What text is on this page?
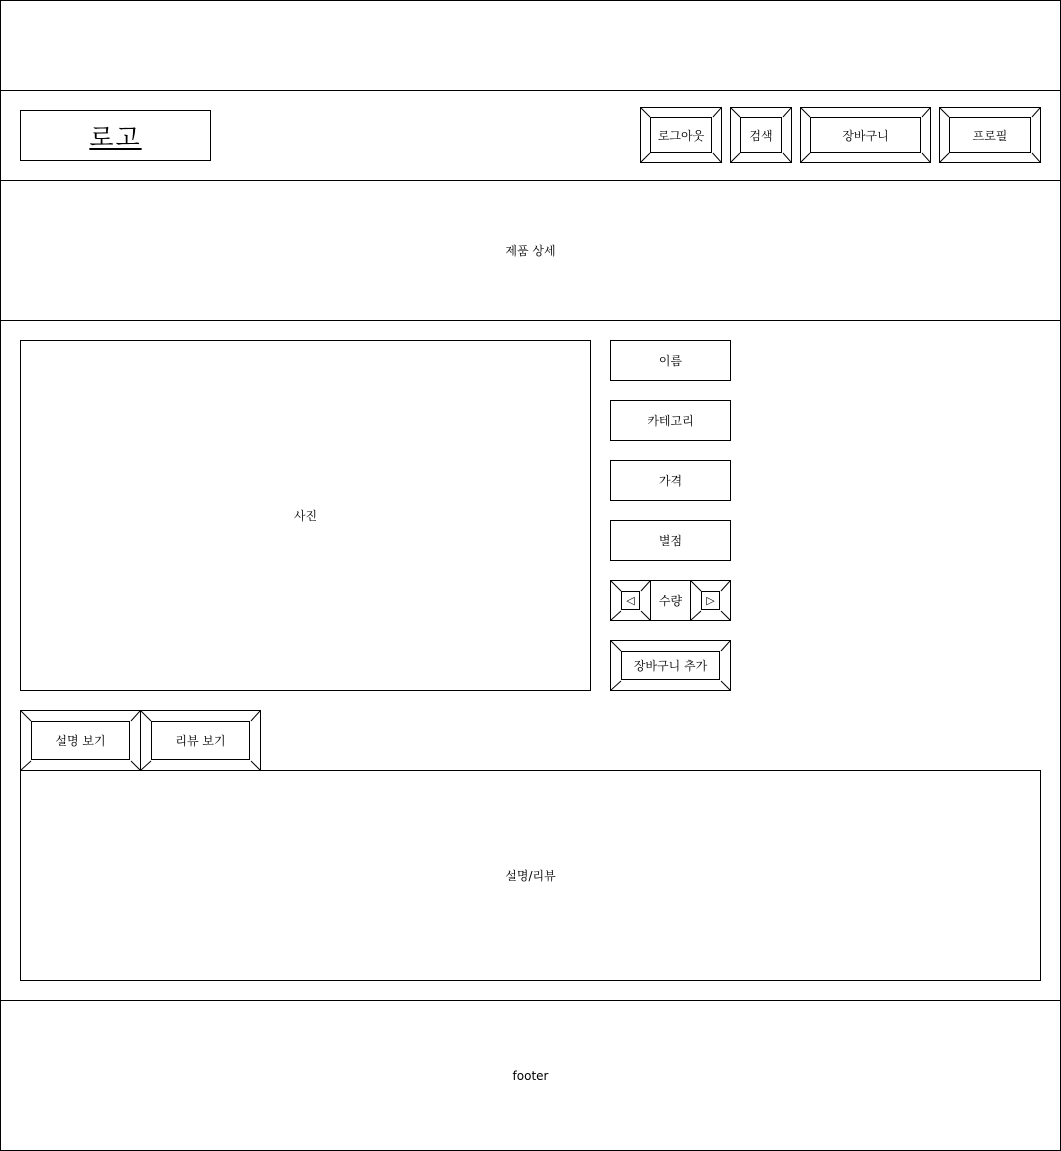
로고	로그아웃	검색	장바구니	프로필
제품 상세
사진
이름
카테고리
가격
별점
수량
◁	▷
장바구니 추가
설명 보기	리뷰 보기
설명/리뷰
footer
